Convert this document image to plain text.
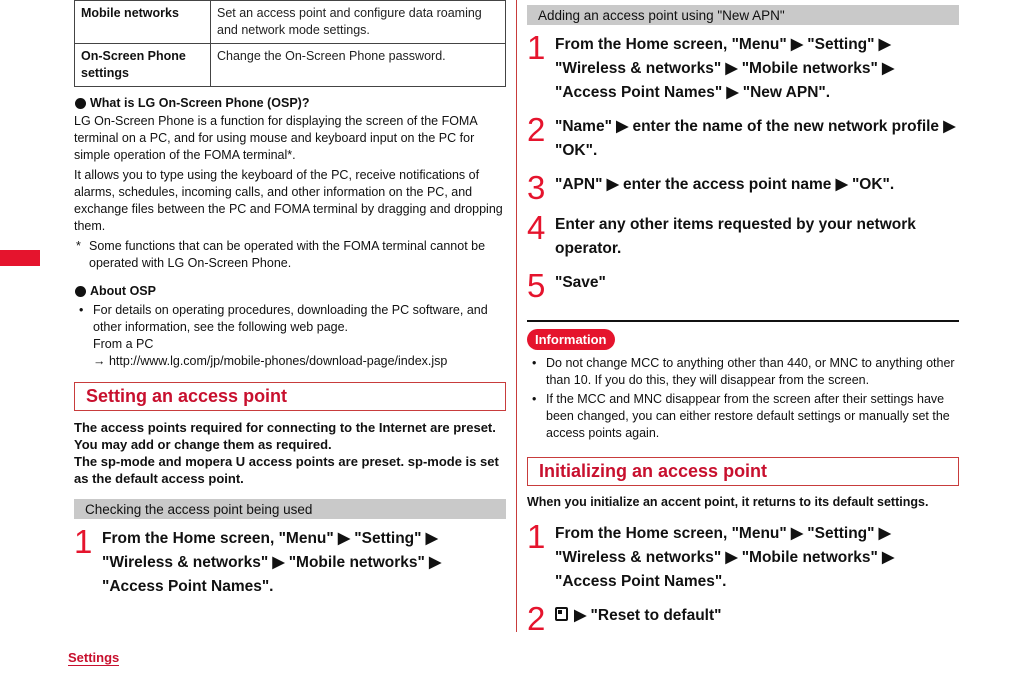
Mobile networks	Set an access point and configure data roaming and network mode settings.
On-Screen Phone settings	Change the On-Screen Phone password.
What is LG On-Screen Phone (OSP)?
LG On-Screen Phone is a function for displaying the screen of the FOMA terminal on a PC, and for using mouse and keyboard input on the PC for simple operation of the FOMA terminal*.
It allows you to type using the keyboard of the PC, receive notifications of alarms, schedules, incoming calls, and other information on the PC, and exchange files between the PC and FOMA terminal by dragging and dropping them.
* Some functions that can be operated with the FOMA terminal cannot be operated with LG On-Screen Phone.
About OSP
• For details on operating procedures, downloading the PC software, and other information, see the following web page.
From a PC
→ http://www.lg.com/jp/mobile-phones/download-page/index.jsp
Setting an access point
The access points required for connecting to the Internet are preset. You may add or change them as required.
The sp-mode and mopera U access points are preset. sp-mode is set as the default access point.
Checking the access point being used
1 From the Home screen, "Menu" ▶ "Setting" ▶ "Wireless & networks" ▶ "Mobile networks" ▶ "Access Point Names".
Adding an access point using "New APN"
1 From the Home screen, "Menu" ▶ "Setting" ▶ "Wireless & networks" ▶ "Mobile networks" ▶ "Access Point Names" ▶ "New APN".
2 "Name" ▶ enter the name of the new network profile ▶ "OK".
3 "APN" ▶ enter the access point name ▶ "OK".
4 Enter any other items requested by your network operator.
5 "Save"
Information
• Do not change MCC to anything other than 440, or MNC to anything other than 10. If you do this, they will disappear from the screen.
• If the MCC and MNC disappear from the screen after their settings have been changed, you can either restore default settings or manually set the access points again.
Initializing an access point
When you initialize an accent point, it returns to its default settings.
1 From the Home screen, "Menu" ▶ "Setting" ▶ "Wireless & networks" ▶ "Mobile networks" ▶ "Access Point Names".
2	▶ "Reset to default"
Settings
